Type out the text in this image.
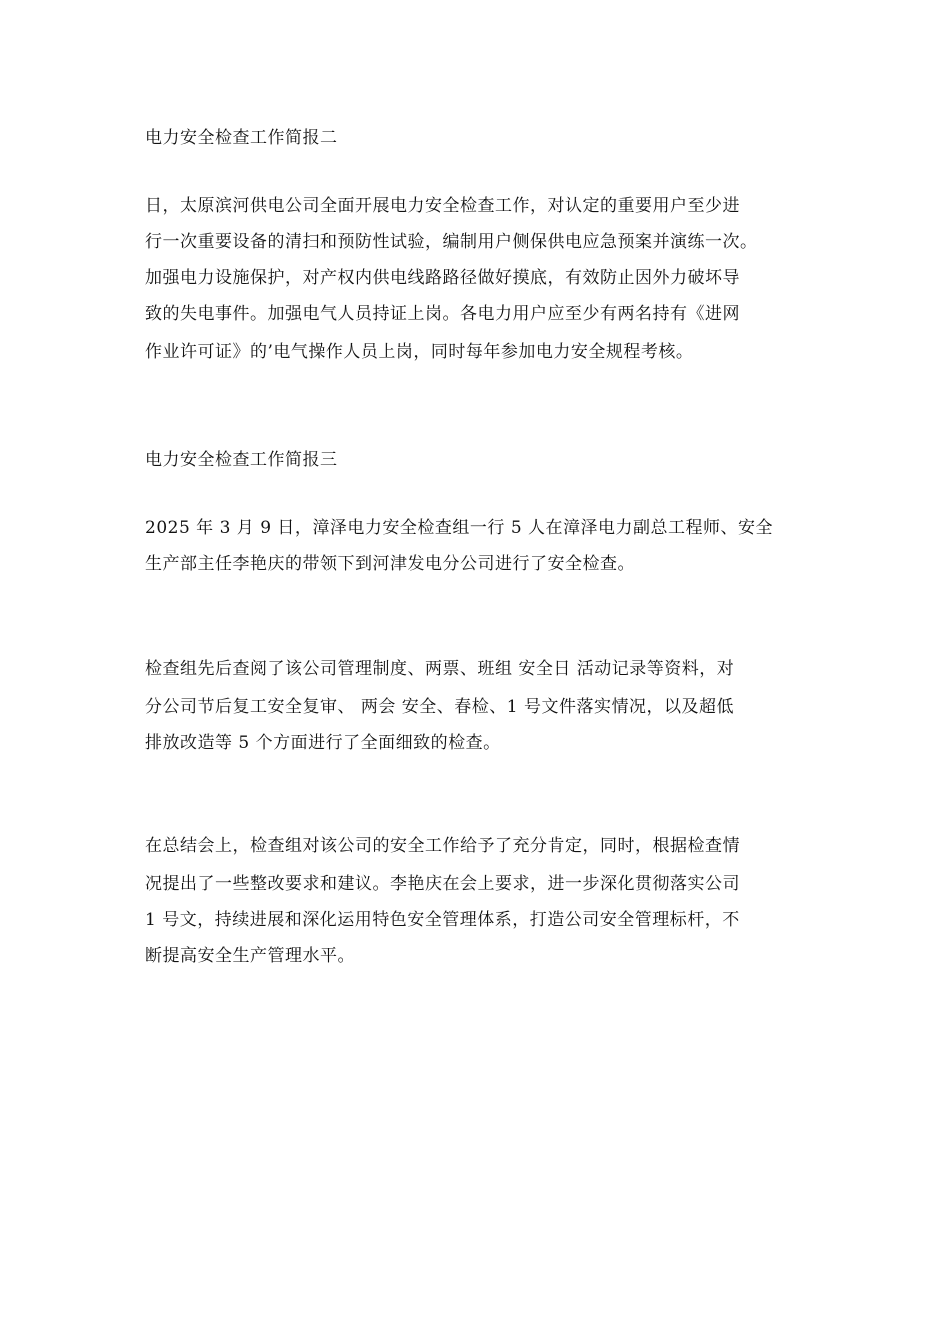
电力安全检查工作简报二
日，太原滨河供电公司全面开展电力安全检查工作，对认定的重要用户至少进
行一次重要设备的清扫和预防性试验，编制用户侧保供电应急预案并演练一次。
加强电力设施保护，对产权内供电线路路径做好摸底，有效防止因外力破坏导
致的失电事件。加强电气人员持证上岗。各电力用户应至少有两名持有《进网
作业许可证》的’电气操作人员上岗，同时每年参加电力安全规程考核。
电力安全检查工作简报三
2025 年 3 月 9 日，漳泽电力安全检查组一行 5 人在漳泽电力副总工程师、安全
生产部主任李艳庆的带领下到河津发电分公司进行了安全检查。
检查组先后查阅了该公司管理制度、两票、班组 安全日 活动记录等资料，对
分公司节后复工安全复审、 两会 安全、春检、1 号文件落实情况，以及超低
排放改造等 5 个方面进行了全面细致的检查。
在总结会上，检查组对该公司的安全工作给予了充分肯定，同时，根据检查情
况提出了一些整改要求和建议。李艳庆在会上要求，进一步深化贯彻落实公司
1 号文，持续进展和深化运用特色安全管理体系，打造公司安全管理标杆，不
断提高安全生产管理水平。
